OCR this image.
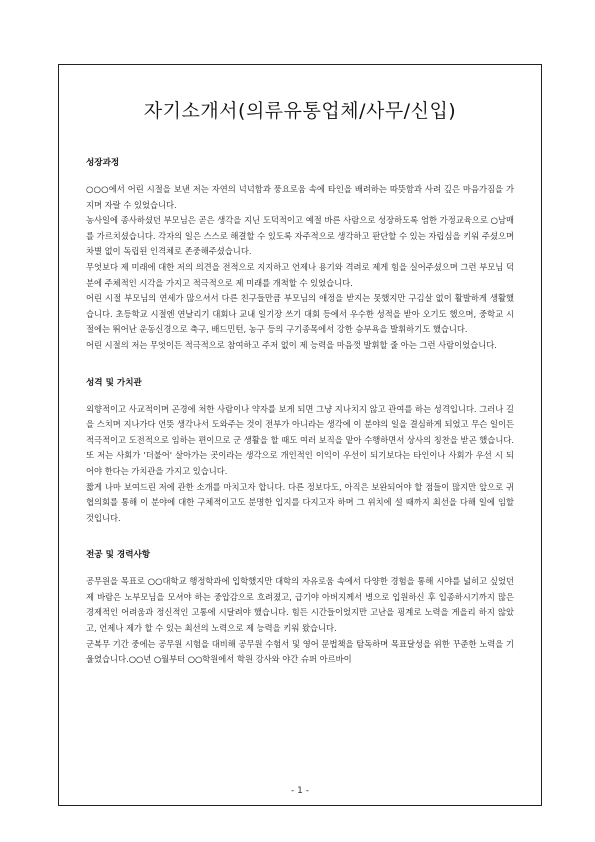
자기소개서(의류유통업체/사무/신입)

성장과정

○○○에서 어린 시절을 보낸 저는 자연의 넉넉함과 풍요로움 속에 타인을 배려하는 따뜻함과 사려 깊은 마음가짐을 가지며 자랄 수 있었습니다.

농사일에 종사하셨던 부모님은 곧은 생각을 지닌 도덕적이고 예절 바른 사람으로 성장하도록 엄한 가정교육으로 ○남매를 가르치셨습니다. 각자의 일은 스스로 해결할 수 있도록 자주적으로 생각하고 판단할 수 있는 자립심을 키워 주셨으며 차별 없이 독립된 인격체로 존중해주셨습니다.

무엇보다 제 미래에 대한 저의 의견을 전적으로 지지하고 언제나 용기와 격려로 제게 힘을 실어주셨으며 그런 부모님 덕분에 주체적인 시각을 가지고 적극적으로 제 미래를 개척할 수 있었습니다.

어린 시절 부모님의 연세가 많으셔서 다른 친구들만큼 부모님의 애정을 받지는 못했지만 구김살 없이 활발하게 생활했습니다. 초등학교 시절엔 연날리기 대회나 교내 일기장 쓰기 대회 등에서 우수한 성적을 받아 오기도 했으며, 중학교 시절에는 뛰어난 운동신경으로 축구, 배드민턴, 농구 등의 구기종목에서 강한 승부욕을 발휘하기도 했습니다.

어린 시절의 저는 무엇이든 적극적으로 참여하고 주저 없이 제 능력을 마음껏 발휘할 줄 아는 그런 사람이었습니다.

성격 및 가치관

외향적이고 사교적이며 곤경에 처한 사람이나 약자를 보게 되면 그냥 지나치지 않고 관여를 하는 성격입니다. 그러나 길을 스치며 지나가다 언뜻 생각나서 도와주는 것이 전부가 아니라는 생각에 이 분야의 일을 결심하게 되었고 무슨 일이든 적극적이고 도전적으로 임하는 편이므로 군 생활을 할 때도 여러 보직을 맡아 수행하면서 상사의 칭찬을 받곤 했습니다. 또 저는 사회가 '더불어' 살아가는 곳이라는 생각으로 개인적인 이익이 우선이 되기보다는 타인이나 사회가 우선 시 되어야 한다는 가치관을 가지고 있습니다.

짧게 나마 보여드린 저에 관한 소개를 마치고자 합니다. 다른 정보다도, 아직은 보완되어야 할 점들이 많지만 앞으로 귀 협의회를 통해 이 분야에 대한 구체적이고도 분명한 입지를 다지고자 하며 그 위치에 설 때까지 최선을 다해 일에 임할 것입니다.

전공 및 경력사항

공무원을 목표로 ○○대학교 행정학과에 입학했지만 대학의 자유로움 속에서 다양한 경험을 통해 시야를 넓히고 싶었던 제 바람은 노부모님을 모셔야 하는 중압감으로 흐려졌고, 급기야 아버지께서 병으로 입원하신 후 입종하시기까지 많은 경제적인 어려움과 정신적인 고통에 시달려야 했습니다. 힘든 시간들이었지만 고난을 핑계로 노력을 게을리 하지 않았고, 언제나 제가 할 수 있는 최선의 노력으로 제 능력을 키워 왔습니다.

군복무 기간 중에는 공무원 시험을 대비해 공무원 수험서 및 영어 문법책을 탐독하며 목표달성을 위한 꾸준한 노력을 기울였습니다.○○년 ○월부터 ○○학원에서 학원 강사와 야간 슈퍼 아르바이

- 1 -
